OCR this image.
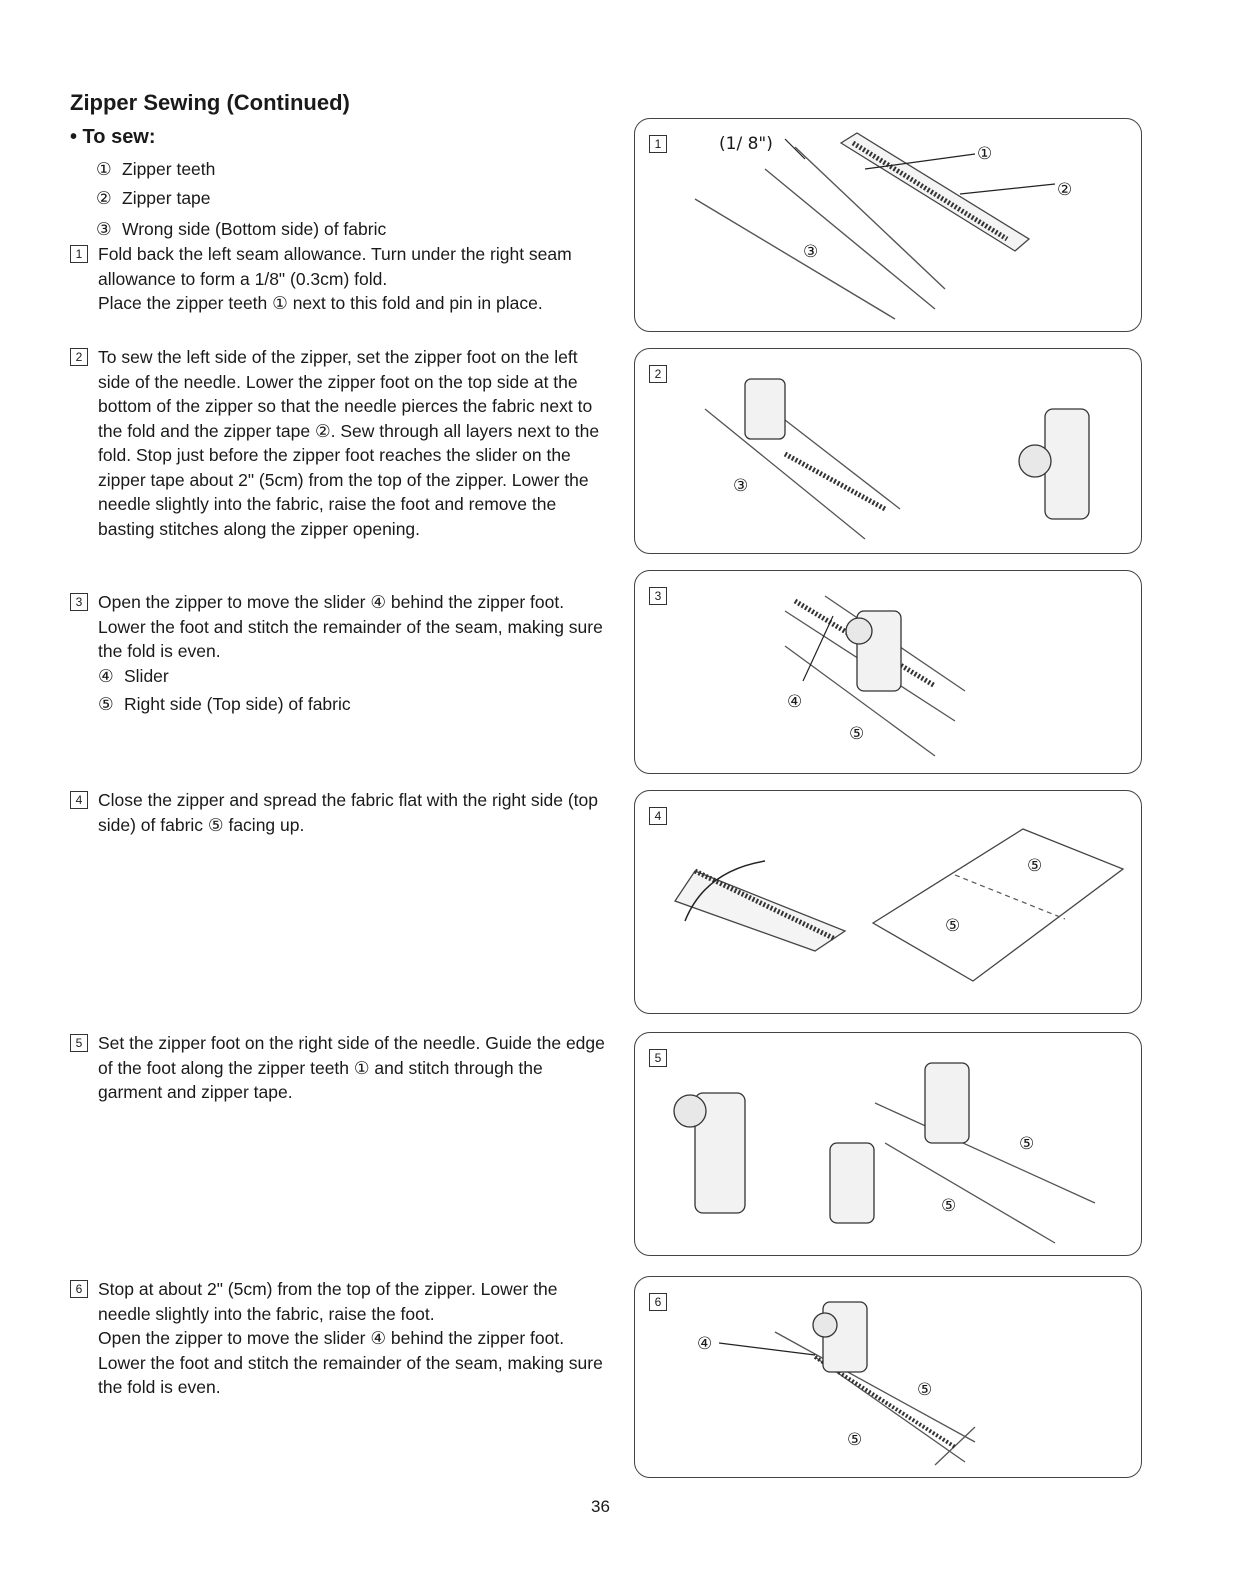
Zipper Sewing (Continued)
• To sew:
① Zipper teeth
② Zipper tape
③ Wrong side (Bottom side) of fabric
1 Fold back the left seam allowance. Turn under the right seam allowance to form a 1/8" (0.3cm) fold.

Place the zipper teeth ① next to this fold and pin in place.

2 To sew the left side of the zipper, set the zipper foot on the left side of the needle. Lower the zipper foot on the top side at the bottom of the zipper so that the needle pierces the fabric next to the fold and the zipper tape ②. Sew through all layers next to the fold. Stop just before the zipper foot reaches the slider on the zipper tape about 2" (5cm) from the top of the zipper. Lower the needle slightly into the fabric, raise the foot and remove the basting stitches along the zipper opening.

3 Open the zipper to move the slider ④ behind the zipper foot.

Lower the foot and stitch the remainder of the seam, making sure the fold is even.

④ Slider
⑤ Right side (Top side) of fabric
4 Close the zipper and spread the fabric flat with the right side (top side) of fabric ⑤ facing up.

5 Set the zipper foot on the right side of the needle. Guide the edge of the foot along the zipper teeth ① and stitch through the garment and zipper tape.

6 Stop at about 2" (5cm) from the top of the zipper. Lower the needle slightly into the fabric, raise the foot.

Open the zipper to move the slider ④ behind the zipper foot.

Lower the foot and stitch the remainder of the seam, making sure the fold is even.

1	(1/ 8")	①
②
③
2
③
3
④
⑤
4
⑤
⑤
5
⑤
⑤
6
④
⑤
⑤
36
